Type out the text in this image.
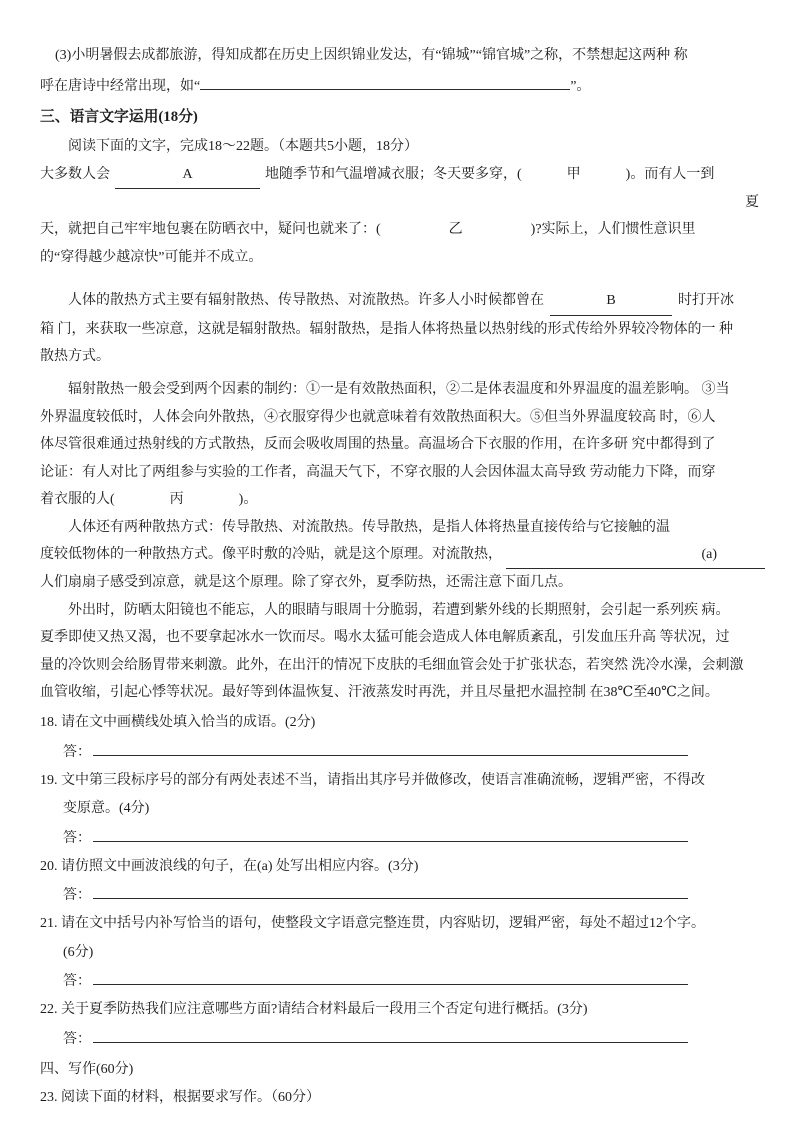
(3)小明暑假去成都旅游，得知成都在历史上因织锦业发达，有“锦城”“锦官城”之称，不禁想起这两种 称
呼在唐诗中经常出现，如“	”。
三、语言文字运用(18分)
阅读下面的文字，完成18～22题。（本题共5小题，18分）
大多数人会	A	地随季节和气温增减衣服；冬天要多穿，(	甲	)。而有人一到
夏
天，就把自己牢牢地包裹在防晒衣中，疑问也就来了：(	乙	)?实际上，人们惯性意识里
的“穿得越少越凉快”可能并不成立。
人体的散热方式主要有辐射散热、传导散热、对流散热。许多人小时候都曾在	B	时打开冰
箱 门，来获取一些凉意，这就是辐射散热。辐射散热，是指人体将热量以热射线的形式传给外界较冷物体的一 种
散热方式。
辐射散热一般会受到两个因素的制约：①一是有效散热面积，②二是体表温度和外界温度的温差影响。 ③当
外界温度较低时，人体会向外散热，④衣服穿得少也就意味着有效散热面积大。⑤但当外界温度较高 时，⑥人
体尽管很难通过热射线的方式散热，反而会吸收周围的热量。高温场合下衣服的作用，在许多研 究中都得到了
论证：有人对比了两组参与实验的工作者，高温天气下，不穿衣服的人会因体温太高导致 劳动能力下降，而穿
着衣服的人(	丙	)。
人体还有两种散热方式：传导散热、对流散热。传导散热，是指人体将热量直接传给与它接触的温
度较低物体的一种散热方式。像平时敷的冷贴，就是这个原理。对流散热，	(a)
人们扇扇子感受到凉意，就是这个原理。除了穿衣外，夏季防热，还需注意下面几点。
外出时，防晒太阳镜也不能忘，人的眼睛与眼周十分脆弱，若遭到紫外线的长期照射，会引起一系列疾 病。
夏季即使又热又渴，也不要拿起冰水一饮而尽。喝水太猛可能会造成人体电解质紊乱，引发血压升高 等状况，过
量的冷饮则会给肠胃带来刺激。此外，在出汗的情况下皮肤的毛细血管会处于扩张状态，若突然 洗冷水澡，会刺激
血管收缩，引起心悸等状况。最好等到体温恢复、汗液蒸发时再洗，并且尽量把水温控制 在38℃至40℃之间。
18. 请在文中画横线处填入恰当的成语。(2分)
答：
19. 文中第三段标序号的部分有两处表述不当，请指出其序号并做修改，使语言准确流畅，逻辑严密，不得改
变原意。(4分)
答：
20. 请仿照文中画波浪线的句子，在(a) 处写出相应内容。(3分)
答：
21. 请在文中括号内补写恰当的语句，使整段文字语意完整连贯，内容贴切，逻辑严密，每处不超过12个字。
(6分)
答：
22. 关于夏季防热我们应注意哪些方面?请结合材料最后一段用三个否定句进行概括。(3分)
答：
四、写作(60分)
23. 阅读下面的材料，根据要求写作。（60分）
